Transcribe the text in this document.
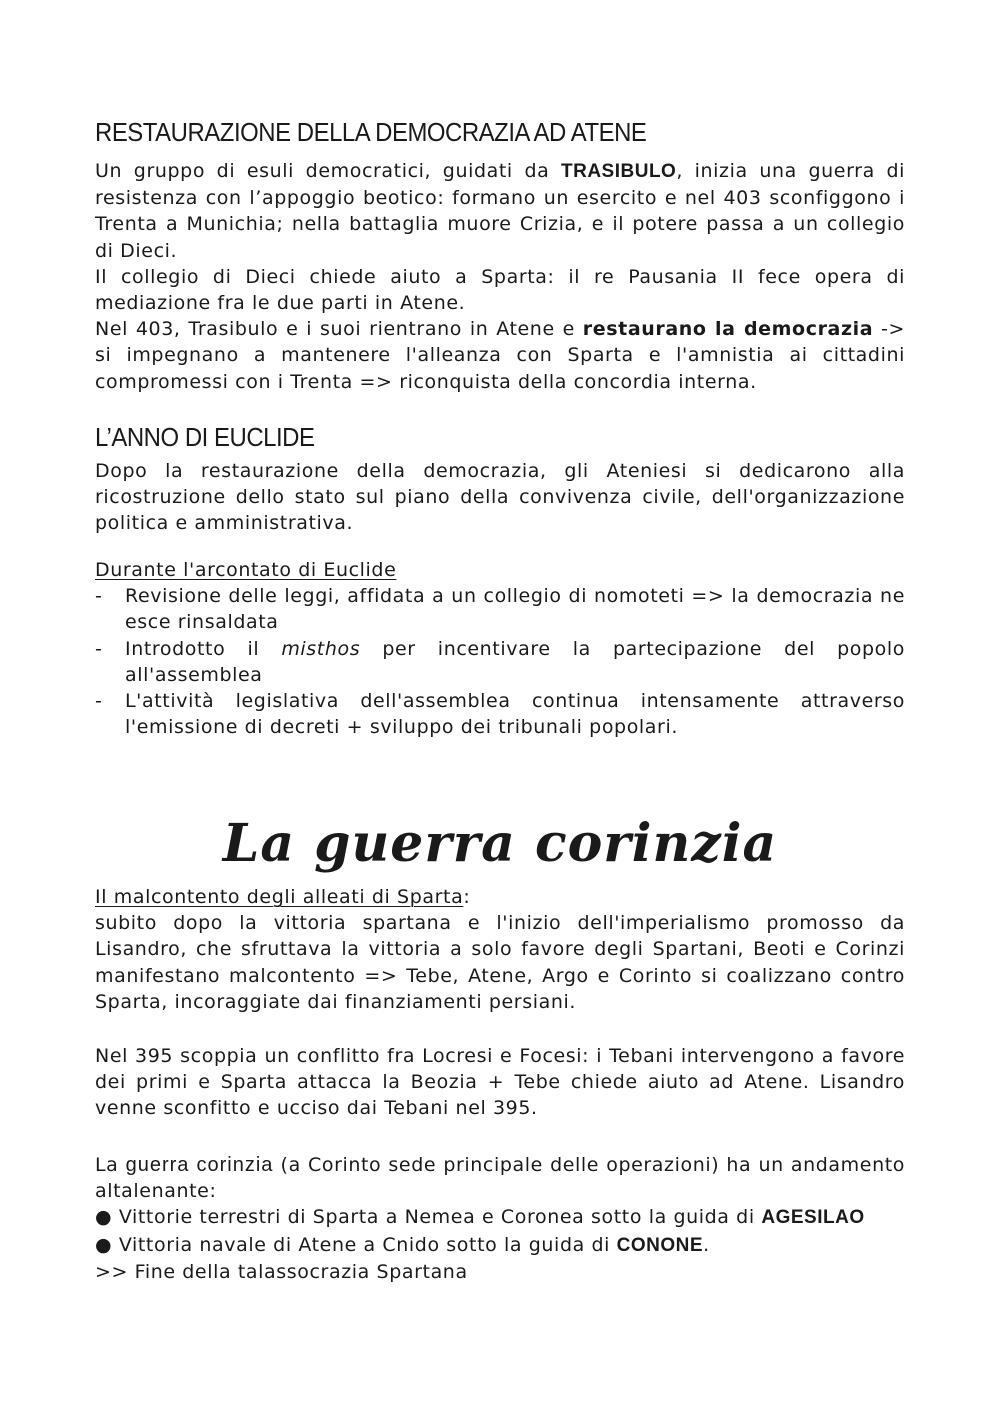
RESTAURAZIONE DELLA DEMOCRAZIA AD ATENE

Un gruppo di esuli democratici, guidati da TRASIBULO, inizia una guerra di resistenza con l’appoggio beotico: formano un esercito e nel 403 sconfiggono i Trenta a Munichia; nella battaglia muore Crizia, e il potere passa a un collegio di Dieci.

Il collegio di Dieci chiede aiuto a Sparta: il re Pausania II fece opera di mediazione fra le due parti in Atene.

Nel 403, Trasibulo e i suoi rientrano in Atene e restaurano la democrazia -> si impegnano a mantenere l'alleanza con Sparta e l'amnistia ai cittadini compromessi con i Trenta => riconquista della concordia interna.

L’ANNO DI EUCLIDE

Dopo la restaurazione della democrazia, gli Ateniesi si dedicarono alla ricostruzione dello stato sul piano della convivenza civile, dell'organizzazione politica e amministrativa.

Durante l'arcontato di Euclide

- Revisione delle leggi, affidata a un collegio di nomoteti => la democrazia ne esce rinsaldata
- Introdotto il misthos per incentivare la partecipazione del popolo all'assemblea
- L'attività legislativa dell'assemblea continua intensamente attraverso l'emissione di decreti + sviluppo dei tribunali popolari.
La guerra corinzia

Il malcontento degli alleati di Sparta:

subito dopo la vittoria spartana e l'inizio dell'imperialismo promosso da Lisandro, che sfruttava la vittoria a solo favore degli Spartani, Beoti e Corinzi manifestano malcontento => Tebe, Atene, Argo e Corinto si coalizzano contro Sparta, incoraggiate dai finanziamenti persiani.

Nel 395 scoppia un conflitto fra Locresi e Focesi: i Tebani intervengono a favore dei primi e Sparta attacca la Beozia + Tebe chiede aiuto ad Atene. Lisandro venne sconfitto e ucciso dai Tebani nel 395.

La guerra corinzia (a Corinto sede principale delle operazioni) ha un andamento altalenante:

● Vittorie terrestri di Sparta a Nemea e Coronea sotto la guida di AGESILAO
● Vittoria navale di Atene a Cnido sotto la guida di CONONE.

>> Fine della talassocrazia Spartana
